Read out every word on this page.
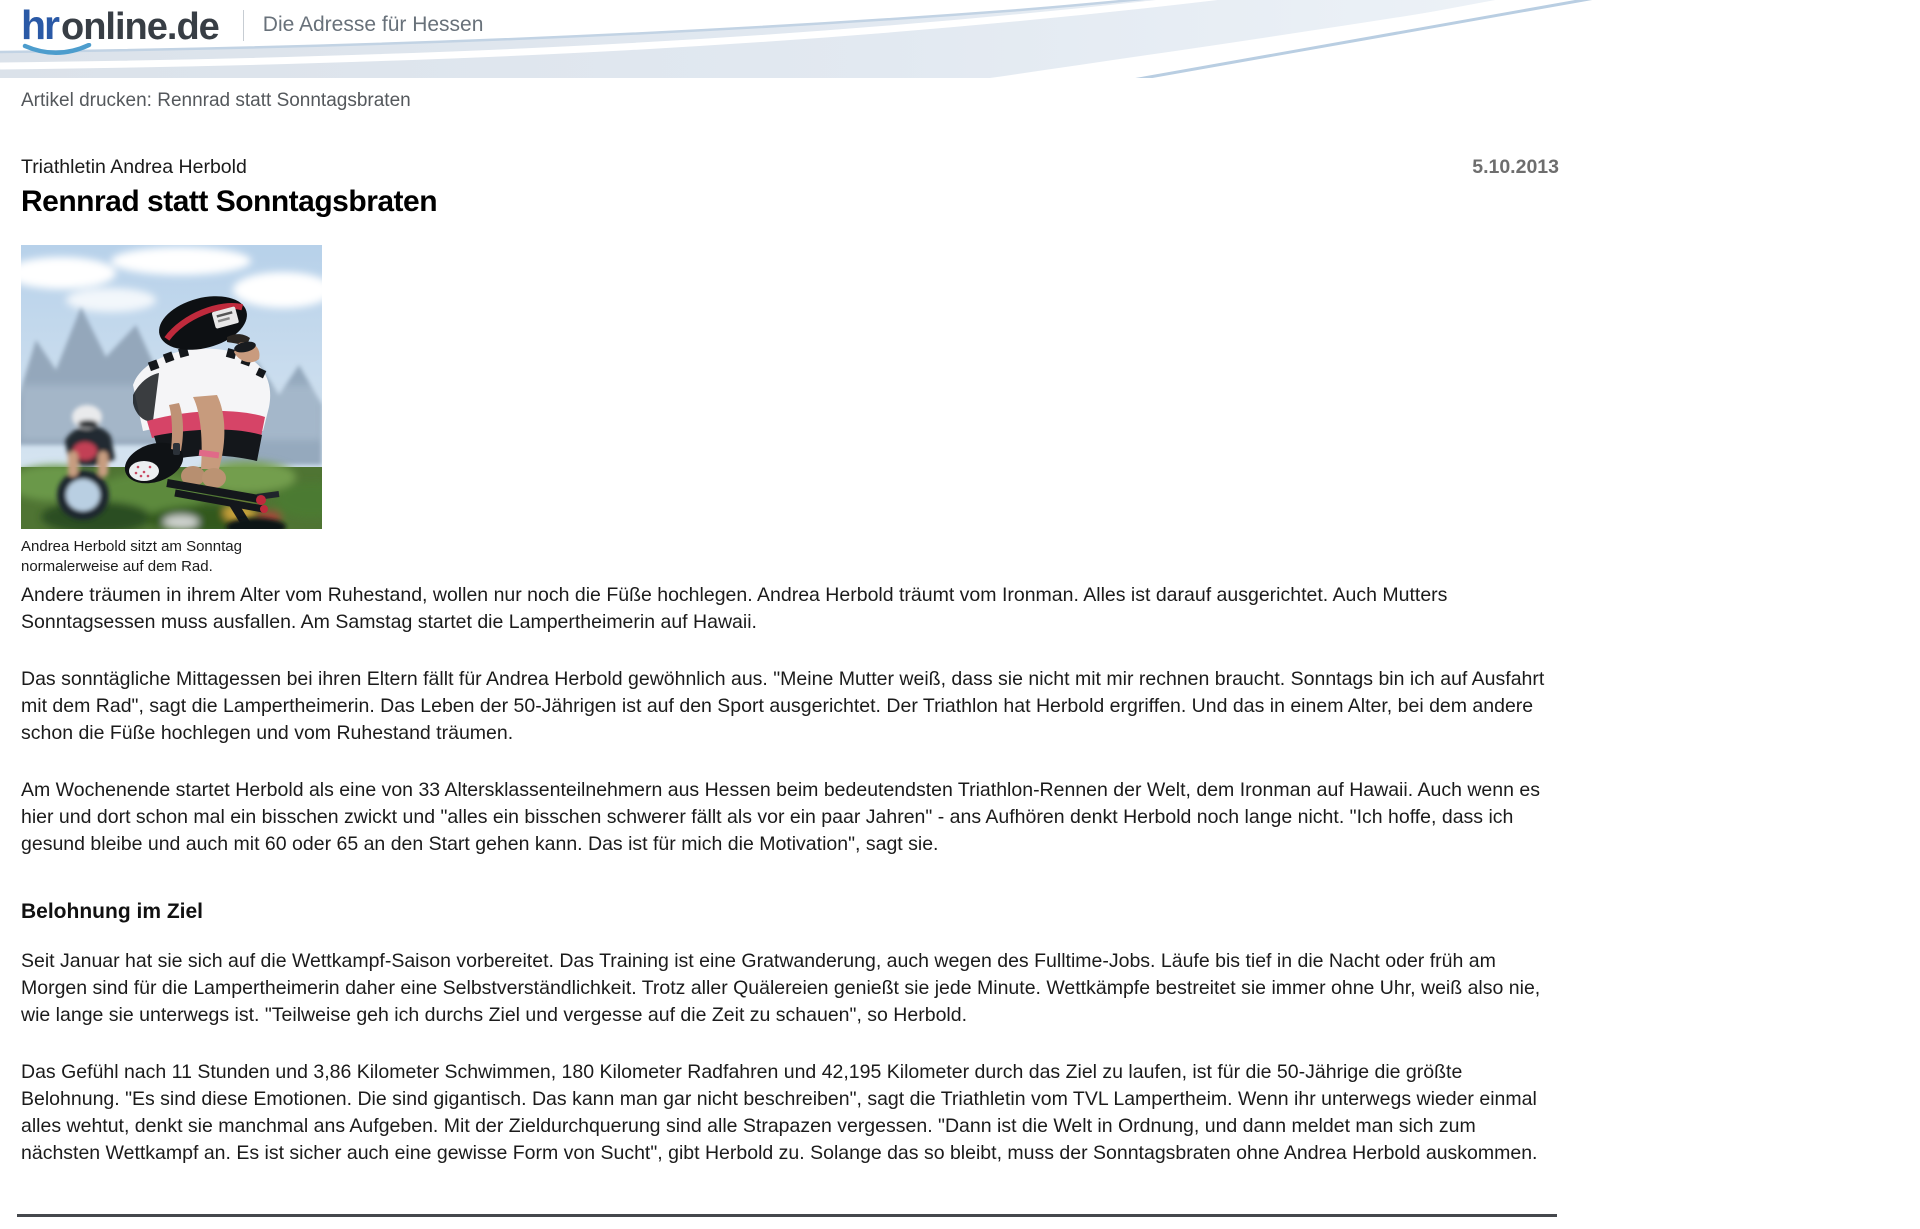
hr online.de Die Adresse für Hessen
Artikel drucken: Rennrad statt Sonntagsbraten
Triathletin Andrea Herbold	5.10.2013
Rennrad statt Sonntagsbraten
Andrea Herbold sitzt am Sonntag normalerweise auf dem Rad.

Andere träumen in ihrem Alter vom Ruhestand, wollen nur noch die Füße hochlegen. Andrea Herbold träumt vom Ironman. Alles ist darauf ausgerichtet. Auch Mutters Sonntagsessen muss ausfallen. Am Samstag startet die Lampertheimerin auf Hawaii.

Das sonntägliche Mittagessen bei ihren Eltern fällt für Andrea Herbold gewöhnlich aus. "Meine Mutter weiß, dass sie nicht mit mir rechnen braucht. Sonntags bin ich auf Ausfahrt mit dem Rad", sagt die Lampertheimerin. Das Leben der 50-Jährigen ist auf den Sport ausgerichtet. Der Triathlon hat Herbold ergriffen. Und das in einem Alter, bei dem andere schon die Füße hochlegen und vom Ruhestand träumen.

Am Wochenende startet Herbold als eine von 33 Altersklassenteilnehmern aus Hessen beim bedeutendsten Triathlon-Rennen der Welt, dem Ironman auf Hawaii. Auch wenn es hier und dort schon mal ein bisschen zwickt und "alles ein bisschen schwerer fällt als vor ein paar Jahren" - ans Aufhören denkt Herbold noch lange nicht. "Ich hoffe, dass ich gesund bleibe und auch mit 60 oder 65 an den Start gehen kann. Das ist für mich die Motivation", sagt sie.

Belohnung im Ziel

Seit Januar hat sie sich auf die Wettkampf-Saison vorbereitet. Das Training ist eine Gratwanderung, auch wegen des Fulltime-Jobs. Läufe bis tief in die Nacht oder früh am Morgen sind für die Lampertheimerin daher eine Selbstverständlichkeit. Trotz aller Quälereien genießt sie jede Minute. Wettkämpfe bestreitet sie immer ohne Uhr, weiß also nie, wie lange sie unterwegs ist. "Teilweise geh ich durchs Ziel und vergesse auf die Zeit zu schauen", so Herbold.

Das Gefühl nach 11 Stunden und 3,86 Kilometer Schwimmen, 180 Kilometer Radfahren und 42,195 Kilometer durch das Ziel zu laufen, ist für die 50-Jährige die größte Belohnung. "Es sind diese Emotionen. Die sind gigantisch. Das kann man gar nicht beschreiben", sagt die Triathletin vom TVL Lampertheim. Wenn ihr unterwegs wieder einmal alles wehtut, denkt sie manchmal ans Aufgeben. Mit der Zieldurchquerung sind alle Strapazen vergessen. "Dann ist die Welt in Ordnung, und dann meldet man sich zum nächsten Wettkampf an. Es ist sicher auch eine gewisse Form von Sucht", gibt Herbold zu. Solange das so bleibt, muss der Sonntagsbraten ohne Andrea Herbold auskommen.
